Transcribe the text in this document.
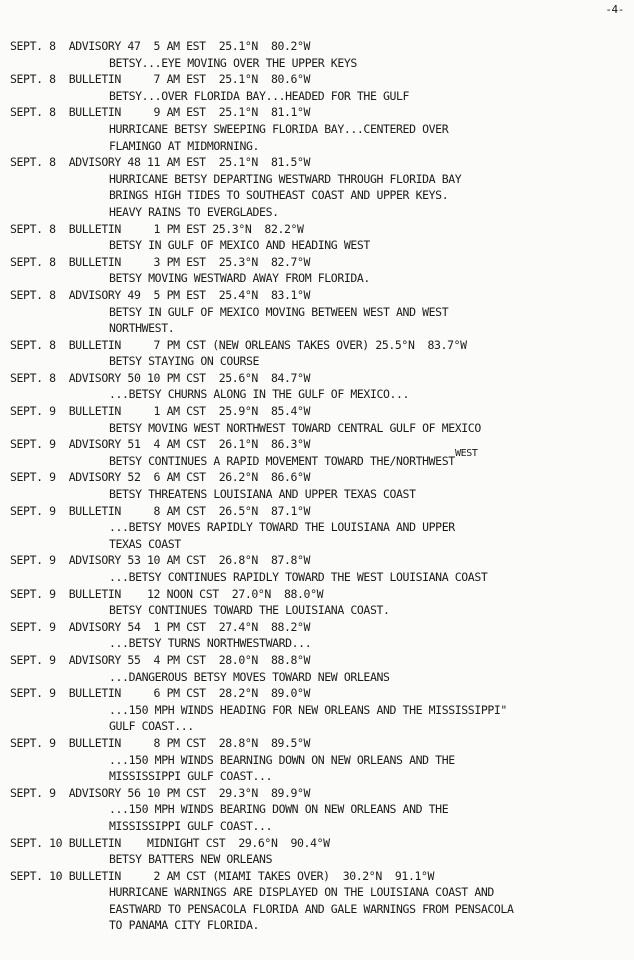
-4-
SEPT. 8  ADVISORY 47  5 AM EST  25.1°N  80.2°W
BETSY...EYE MOVING OVER THE UPPER KEYS
SEPT. 8  BULLETIN     7 AM EST  25.1°N  80.6°W
BETSY...OVER FLORIDA BAY...HEADED FOR THE GULF
SEPT. 8  BULLETIN     9 AM EST  25.1°N  81.1°W
HURRICANE BETSY SWEEPING FLORIDA BAY...CENTERED OVER
FLAMINGO AT MIDMORNING.
SEPT. 8  ADVISORY 48 11 AM EST  25.1°N  81.5°W
HURRICANE BETSY DEPARTING WESTWARD THROUGH FLORIDA BAY
BRINGS HIGH TIDES TO SOUTHEAST COAST AND UPPER KEYS.
HEAVY RAINS TO EVERGLADES.
SEPT. 8  BULLETIN     1 PM EST 25.3°N  82.2°W
BETSY IN GULF OF MEXICO AND HEADING WEST
SEPT. 8  BULLETIN     3 PM EST  25.3°N  82.7°W
BETSY MOVING WESTWARD AWAY FROM FLORIDA.
SEPT. 8  ADVISORY 49  5 PM EST  25.4°N  83.1°W
BETSY IN GULF OF MEXICO MOVING BETWEEN WEST AND WEST
NORTHWEST.
SEPT. 8  BULLETIN     7 PM CST (NEW ORLEANS TAKES OVER) 25.5°N  83.7°W
BETSY STAYING ON COURSE
SEPT. 8  ADVISORY 50 10 PM CST  25.6°N  84.7°W
...BETSY CHURNS ALONG IN THE GULF OF MEXICO...
SEPT. 9  BULLETIN     1 AM CST  25.9°N  85.4°W
BETSY MOVING WEST NORTHWEST TOWARD CENTRAL GULF OF MEXICO
SEPT. 9  ADVISORY 51  4 AM CST  26.1°N  86.3°W
BETSY CONTINUES A RAPID MOVEMENT TOWARD THE/NORTHWEST
SEPT. 9  ADVISORY 52  6 AM CST  26.2°N  86.6°W
BETSY THREATENS LOUISIANA AND UPPER TEXAS COAST
SEPT. 9  BULLETIN     8 AM CST  26.5°N  87.1°W
...BETSY MOVES RAPIDLY TOWARD THE LOUISIANA AND UPPER
TEXAS COAST
SEPT. 9  ADVISORY 53 10 AM CST  26.8°N  87.8°W
...BETSY CONTINUES RAPIDLY TOWARD THE WEST LOUISIANA COAST
SEPT. 9  BULLETIN    12 NOON CST  27.0°N  88.0°W
BETSY CONTINUES TOWARD THE LOUISIANA COAST.
SEPT. 9  ADVISORY 54  1 PM CST  27.4°N  88.2°W
...BETSY TURNS NORTHWESTWARD...
SEPT. 9  ADVISORY 55  4 PM CST  28.0°N  88.8°W
...DANGEROUS BETSY MOVES TOWARD NEW ORLEANS
SEPT. 9  BULLETIN     6 PM CST  28.2°N  89.0°W
...150 MPH WINDS HEADING FOR NEW ORLEANS AND THE MISSISSIPPI"
GULF COAST...
SEPT. 9  BULLETIN     8 PM CST  28.8°N  89.5°W
...150 MPH WINDS BEARNING DOWN ON NEW ORLEANS AND THE
MISSISSIPPI GULF COAST...
SEPT. 9  ADVISORY 56 10 PM CST  29.3°N  89.9°W
...150 MPH WINDS BEARING DOWN ON NEW ORLEANS AND THE
MISSISSIPPI GULF COAST...
SEPT. 10 BULLETIN    MIDNIGHT CST  29.6°N  90.4°W
BETSY BATTERS NEW ORLEANS
SEPT. 10 BULLETIN     2 AM CST (MIAMI TAKES OVER)  30.2°N  91.1°W
HURRICANE WARNINGS ARE DISPLAYED ON THE LOUISIANA COAST AND
EASTWARD TO PENSACOLA FLORIDA AND GALE WARNINGS FROM PENSACOLA
TO PANAMA CITY FLORIDA.
WEST
